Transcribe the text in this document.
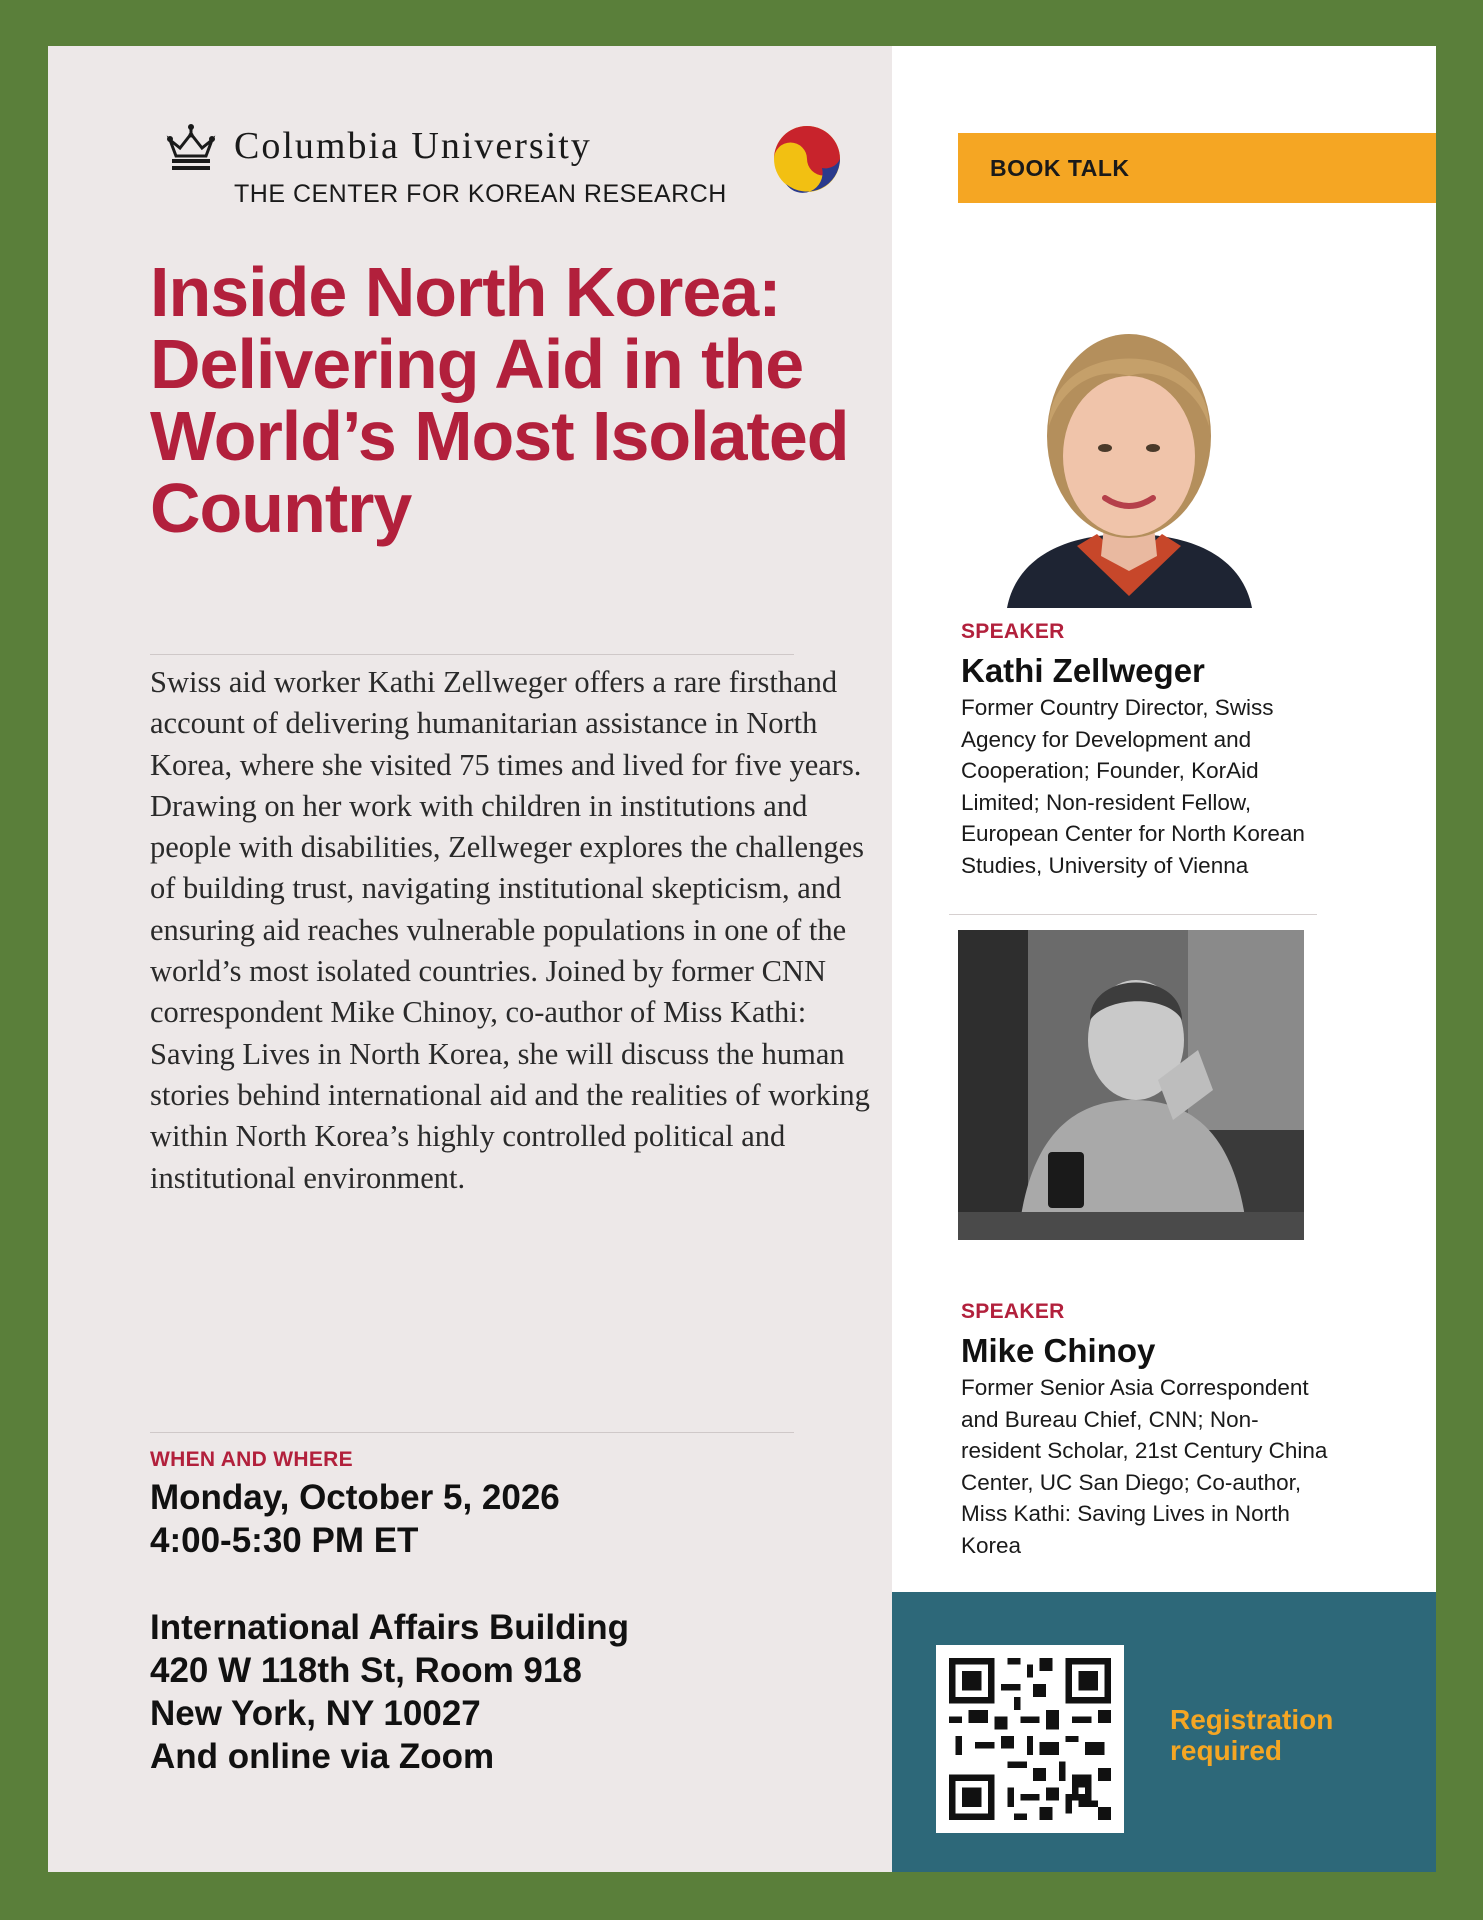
Columbia University
THE CENTER FOR KOREAN RESEARCH
Inside North Korea: Delivering Aid in the World’s Most Isolated Country

Swiss aid worker Kathi Zellweger offers a rare firsthand account of delivering humanitarian assistance in North Korea, where she visited 75 times and lived for five years. Drawing on her work with children in institutions and people with disabilities, Zellweger explores the challenges of building trust, navigating institutional skepticism, and ensuring aid reaches vulnerable populations in one of the world’s most isolated countries. Joined by former CNN correspondent Mike Chinoy, co-author of Miss Kathi: Saving Lives in North Korea, she will discuss the human stories behind international aid and the realities of working within North Korea’s highly controlled political and institutional environment.

WHEN AND WHERE
Monday, October 5, 2026
4:00-5:30 PM ET
International Affairs Building
420 W 118th St, Room 918
New York, NY 10027
And online via Zoom
BOOK TALK
SPEAKER
Kathi Zellweger

Former Country Director, Swiss Agency for Development and Cooperation; Founder, KorAid Limited; Non-resident Fellow, European Center for North Korean Studies, University of Vienna

SPEAKER
Mike Chinoy

Former Senior Asia Correspondent and Bureau Chief, CNN; Non-resident Scholar, 21st Century China Center, UC San Diego; Co-author, Miss Kathi: Saving Lives in North Korea

Registration required
